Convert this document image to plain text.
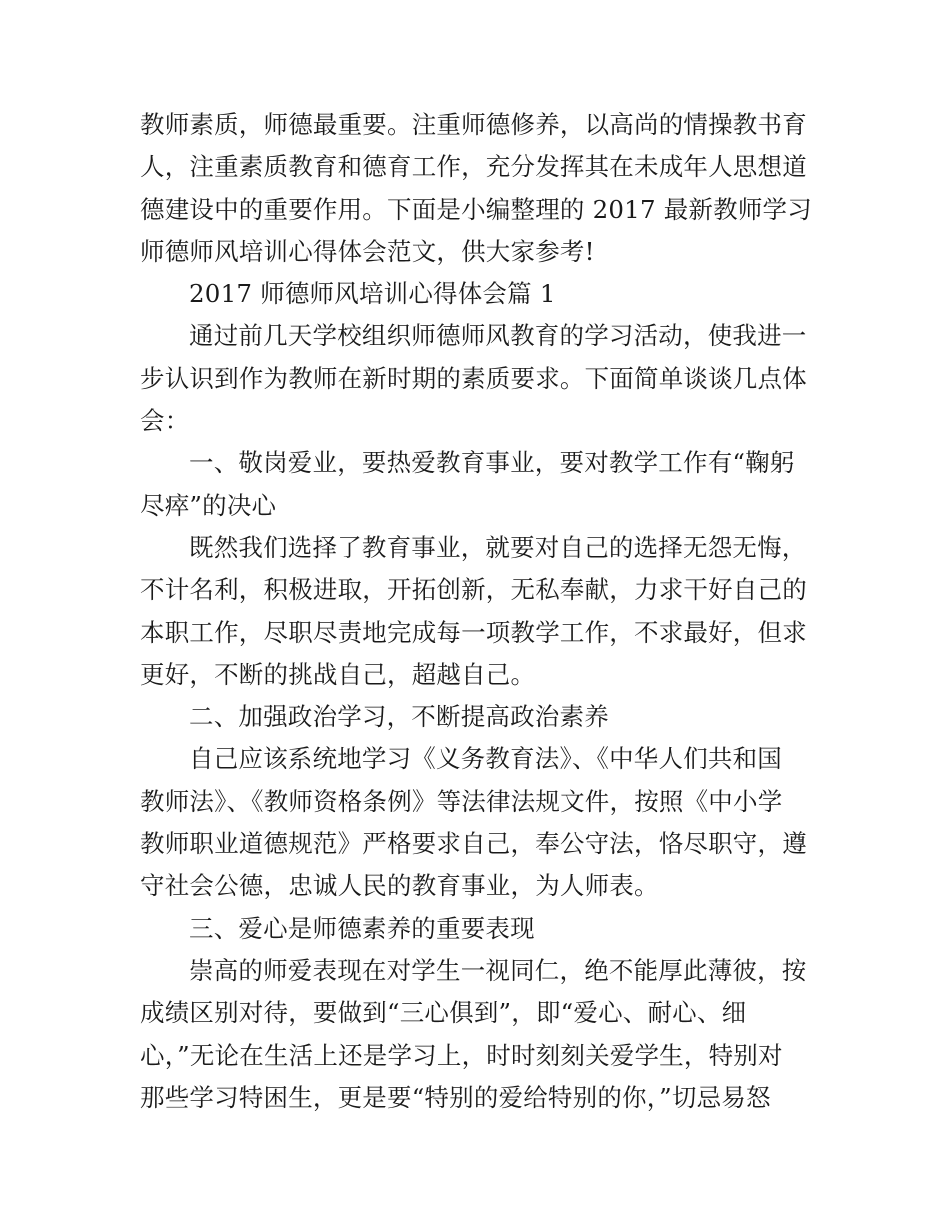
教师素质，师德最重要。注重师德修养，以高尚的情操教书育
人，注重素质教育和德育工作，充分发挥其在未成年人思想道
德建设中的重要作用。下面是小编整理的 2017 最新教师学习
师德师风培训心得体会范文，供大家参考!
2017 师德师风培训心得体会篇 1
通过前几天学校组织师德师风教育的学习活动，使我进一
步认识到作为教师在新时期的素质要求。下面简单谈谈几点体
会：
一、敬岗爱业，要热爱教育事业，要对教学工作有“鞠躬
尽瘁”的决心
既然我们选择了教育事业，就要对自己的选择无怨无悔，
不计名利，积极进取，开拓创新，无私奉献，力求干好自己的
本职工作，尽职尽责地完成每一项教学工作，不求最好，但求
更好，不断的挑战自己，超越自己。
二、加强政治学习，不断提高政治素养
自己应该系统地学习《义务教育法》、《中华人们共和国
教师法》、《教师资格条例》等法律法规文件，按照《中小学
教师职业道德规范》严格要求自己，奉公守法，恪尽职守，遵
守社会公德，忠诚人民的教育事业，为人师表。
三、爱心是师德素养的重要表现
崇高的师爱表现在对学生一视同仁，绝不能厚此薄彼，按
成绩区别对待，要做到“三心俱到”，即“爱心、耐心、细
心，”无论在生活上还是学习上，时时刻刻关爱学生，特别对
那些学习特困生，更是要“特别的爱给特别的你，”切忌易怒
